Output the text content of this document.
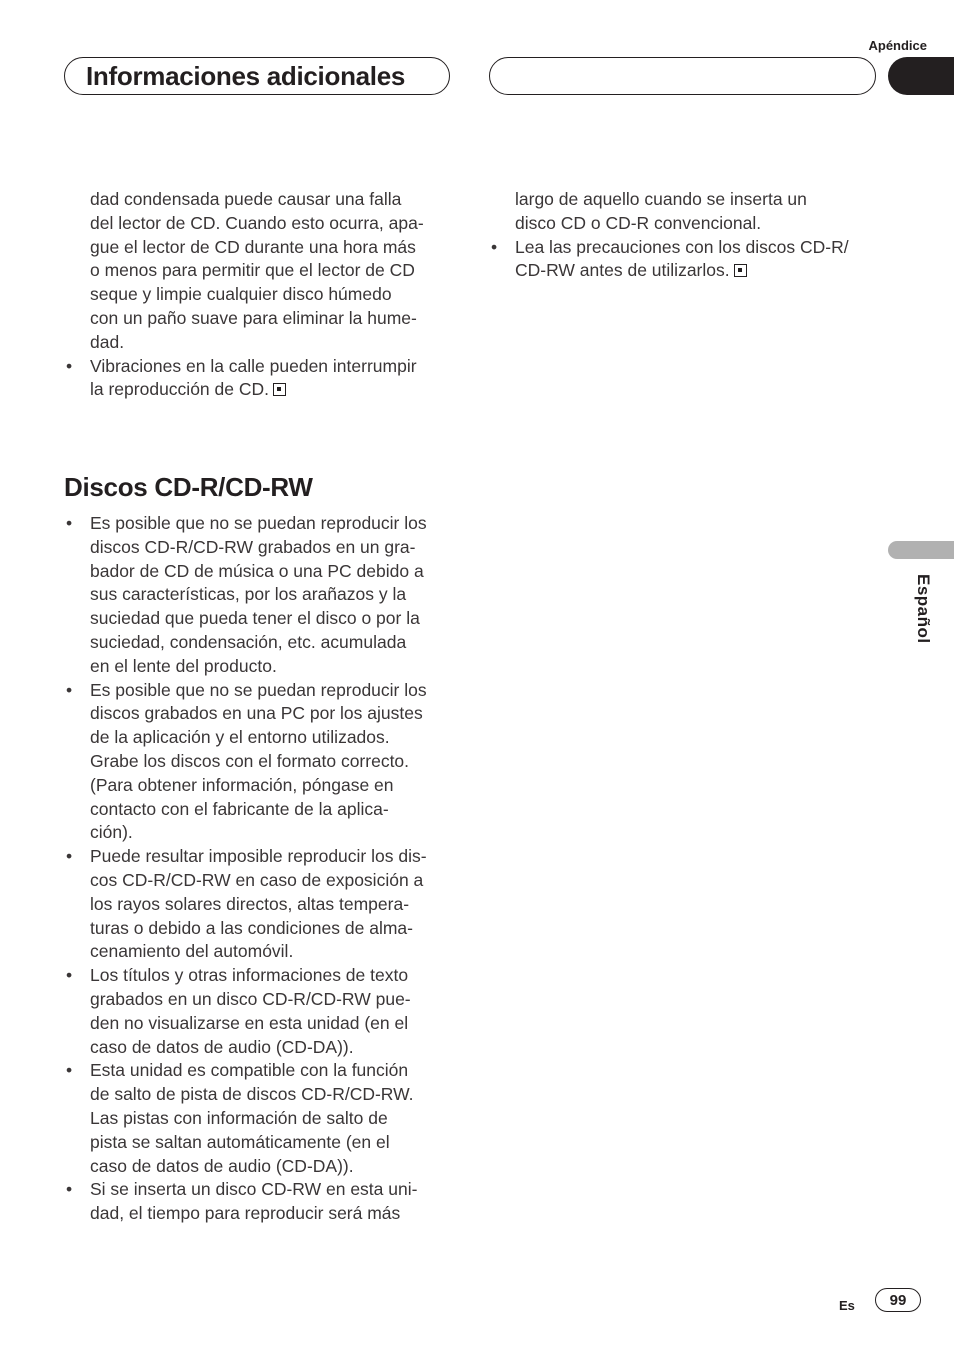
Apéndice
Informaciones adicionales
dad condensada puede causar una falla
del lector de CD. Cuando esto ocurra, apa-
gue el lector de CD durante una hora más
o menos para permitir que el lector de CD
seque y limpie cualquier disco húmedo
con un paño suave para eliminar la hume-
dad.
• Vibraciones en la calle pueden interrumpir
la reproducción de CD.
Discos CD-R/CD-RW
• Es posible que no se puedan reproducir los
discos CD-R/CD-RW grabados en un gra-
bador de CD de música o una PC debido a
sus características, por los arañazos y la
suciedad que pueda tener el disco o por la
suciedad, condensación, etc. acumulada
en el lente del producto.
• Es posible que no se puedan reproducir los
discos grabados en una PC por los ajustes
de la aplicación y el entorno utilizados.
Grabe los discos con el formato correcto.
(Para obtener información, póngase en
contacto con el fabricante de la aplica-
ción).
• Puede resultar imposible reproducir los dis-
cos CD-R/CD-RW en caso de exposición a
los rayos solares directos, altas tempera-
turas o debido a las condiciones de alma-
cenamiento del automóvil.
• Los títulos y otras informaciones de texto
grabados en un disco CD-R/CD-RW pue-
den no visualizarse en esta unidad (en el
caso de datos de audio (CD-DA)).
• Esta unidad es compatible con la función
de salto de pista de discos CD-R/CD-RW.
Las pistas con información de salto de
pista se saltan automáticamente (en el
caso de datos de audio (CD-DA)).
• Si se inserta un disco CD-RW en esta uni-
dad, el tiempo para reproducir será más
largo de aquello cuando se inserta un
disco CD o CD-R convencional.
• Lea las precauciones con los discos CD-R/
CD-RW antes de utilizarlos.
Español
Es	99
